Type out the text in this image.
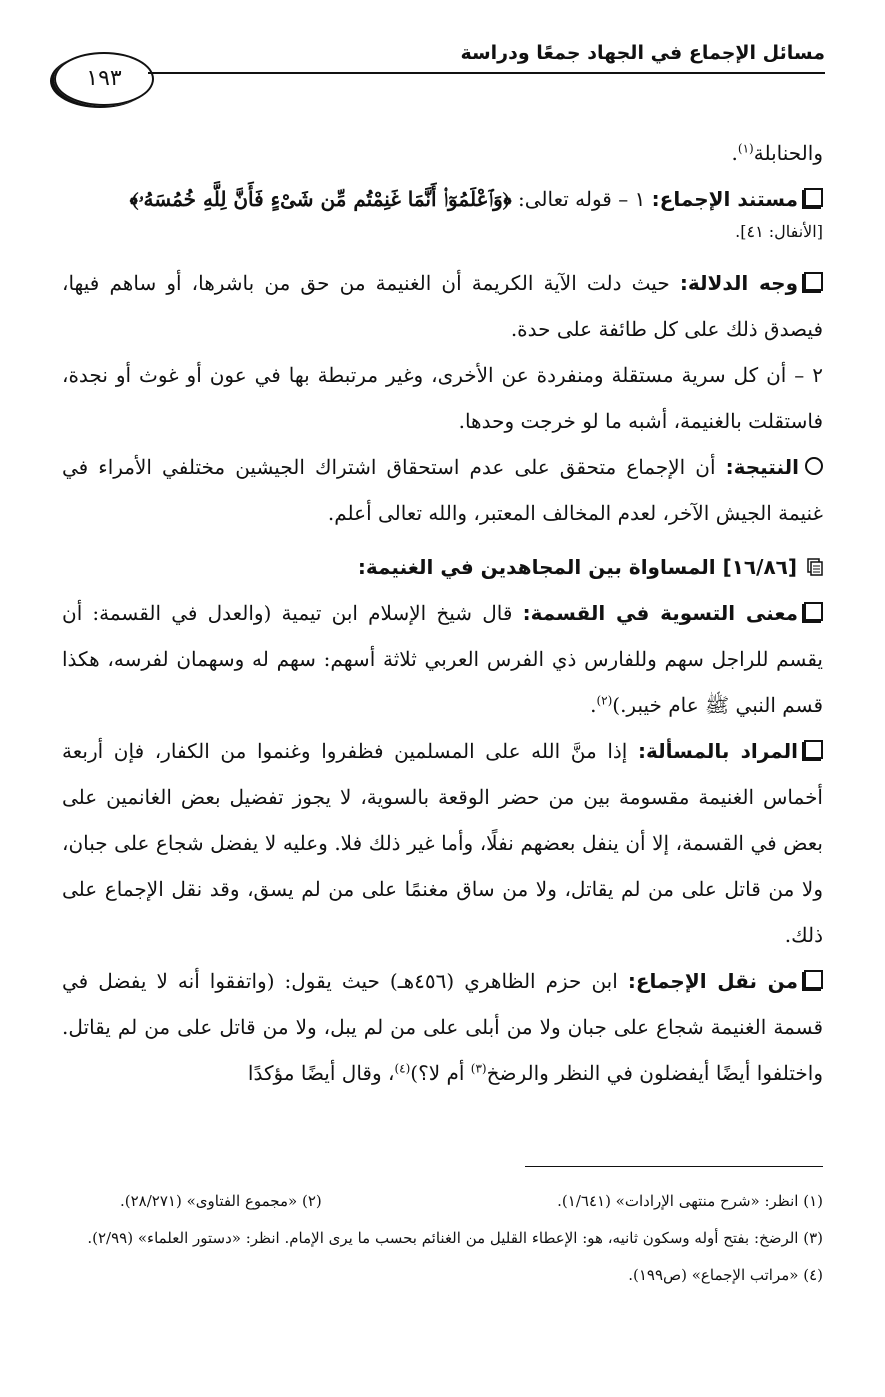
مسائل الإجماع في الجهاد جمعًا ودراسة
١٩٣

والحنابلة$^{(١)}$.

مستند الإجماع: ١ – قوله تعالى: ﴿وَٱعْلَمُوٓا۟ أَنَّمَا غَنِمْتُم مِّن شَىْءٍ فَأَنَّ لِلَّهِ خُمُسَهُۥ﴾

[الأنفال: ٤١].

وجه الدلالة: حيث دلت الآية الكريمة أن الغنيمة من حق من باشرها، أو ساهم فيها، فيصدق ذلك على كل طائفة على حدة.

٢ – أن كل سرية مستقلة ومنفردة عن الأخرى، وغير مرتبطة بها في عون أو غوث أو نجدة، فاستقلت بالغنيمة، أشبه ما لو خرجت وحدها.

النتيجة: أن الإجماع متحقق على عدم استحقاق اشتراك الجيشين مختلفي الأمراء في غنيمة الجيش الآخر، لعدم المخالف المعتبر، والله تعالى أعلم.

[١٦/٨٦] المساواة بين المجاهدين في الغنيمة:

معنى التسوية في القسمة: قال شيخ الإسلام ابن تيمية (والعدل في القسمة: أن يقسم للراجل سهم وللفارس ذي الفرس العربي ثلاثة أسهم: سهم له وسهمان لفرسه، هكذا قسم النبي ﷺ عام خيبر.)$^{(٢)}$.

المراد بالمسألة: إذا منَّ الله على المسلمين فظفروا وغنموا من الكفار، فإن أربعة أخماس الغنيمة مقسومة بين من حضر الوقعة بالسوية، لا يجوز تفضيل بعض الغانمين على بعض في القسمة، إلا أن ينفل بعضهم نفلًا، وأما غير ذلك فلا. وعليه لا يفضل شجاع على جبان، ولا من قاتل على من لم يقاتل، ولا من ساق مغنمًا على من لم يسق، وقد نقل الإجماع على ذلك.

من نقل الإجماع: ابن حزم الظاهري (٤٥٦هـ) حيث يقول: (واتفقوا أنه لا يفضل في قسمة الغنيمة شجاع على جبان ولا من أبلى على من لم يبل، ولا من قاتل على من لم يقاتل. واختلفوا أيضًا أيفضلون في النظر والرضخ$^{(٣)}$ أم لا؟)$^{(٤)}$، وقال أيضًا مؤكدًا

(١) انظر: «شرح منتهى الإرادات» (١/٦٤١).
(٢) «مجموع الفتاوى» (٢٨/٢٧١).
(٣) الرضخ: بفتح أوله وسكون ثانيه، هو: الإعطاء القليل من الغنائم بحسب ما يرى الإمام. انظر: «دستور العلماء» (٢/٩٩).
(٤) «مراتب الإجماع» (ص١٩٩).
